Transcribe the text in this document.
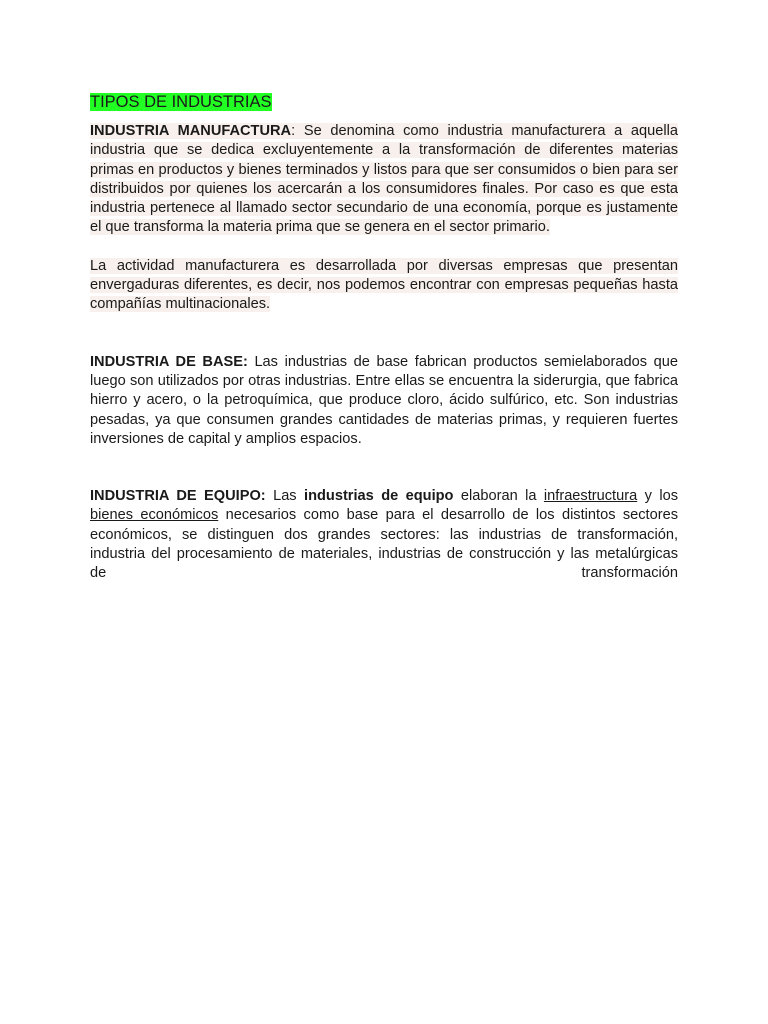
TIPOS DE INDUSTRIAS

INDUSTRIA MANUFACTURA: Se denomina como industria manufacturera a aquella industria que se dedica excluyentemente a la transformación de diferentes materias primas en productos y bienes terminados y listos para que ser consumidos o bien para ser distribuidos por quienes los acercarán a los consumidores finales. Por caso es que esta industria pertenece al llamado sector secundario de una economía, porque es justamente el que transforma la materia prima que se genera en el sector primario.

La actividad manufacturera es desarrollada por diversas empresas que presentan envergaduras diferentes, es decir, nos podemos encontrar con empresas pequeñas hasta compañías multinacionales.

INDUSTRIA DE BASE: Las industrias de base fabrican productos semielaborados que luego son utilizados por otras industrias. Entre ellas se encuentra la siderurgia, que fabrica hierro y acero, o la petroquímica, que produce cloro, ácido sulfúrico, etc. Son industrias pesadas, ya que consumen grandes cantidades de materias primas, y requieren fuertes inversiones de capital y amplios espacios.

INDUSTRIA DE EQUIPO: Las industrias de equipo elaboran la infraestructura y los bienes económicos necesarios como base para el desarrollo de los distintos sectores económicos, se distinguen dos grandes sectores: las industrias de transformación, industria del procesamiento de materiales, industrias de construcción y las metalúrgicas de transformación
